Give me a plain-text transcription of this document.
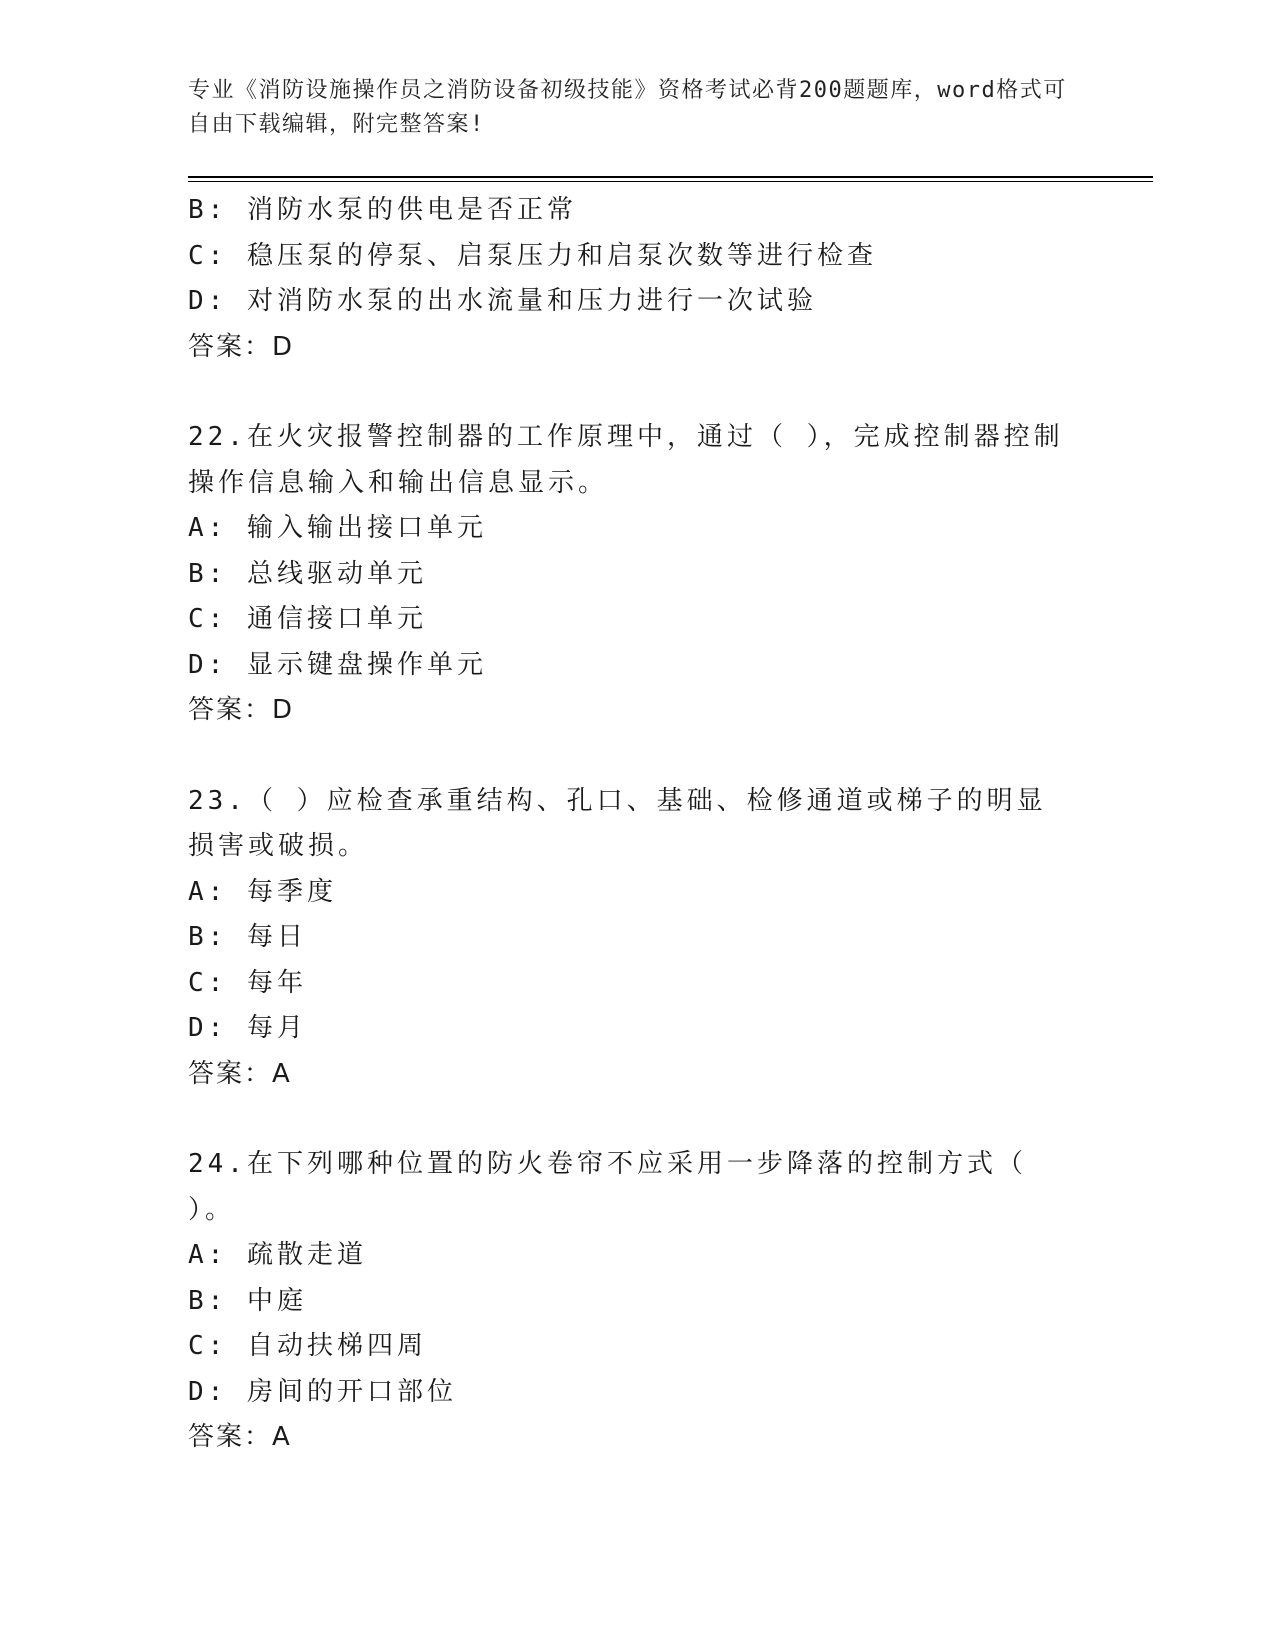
专业《消防设施操作员之消防设备初级技能》资格考试必背200题题库，word格式可自由下载编辑，附完整答案!
B: 消防水泵的供电是否正常
C: 稳压泵的停泵、启泵压力和启泵次数等进行检查
D: 对消防水泵的出水流量和压力进行一次试验
答案：D
22.在火灾报警控制器的工作原理中，通过（ ），完成控制器控制操作信息输入和输出信息显示。
A: 输入输出接口单元
B: 总线驱动单元
C: 通信接口单元
D: 显示键盘操作单元
答案：D
23.（ ）应检查承重结构、孔口、基础、检修通道或梯子的明显损害或破损。
A: 每季度
B: 每日
C: 每年
D: 每月
答案：A
24.在下列哪种位置的防火卷帘不应采用一步降落的控制方式（ ）。
A: 疏散走道
B: 中庭
C: 自动扶梯四周
D: 房间的开口部位
答案：A
